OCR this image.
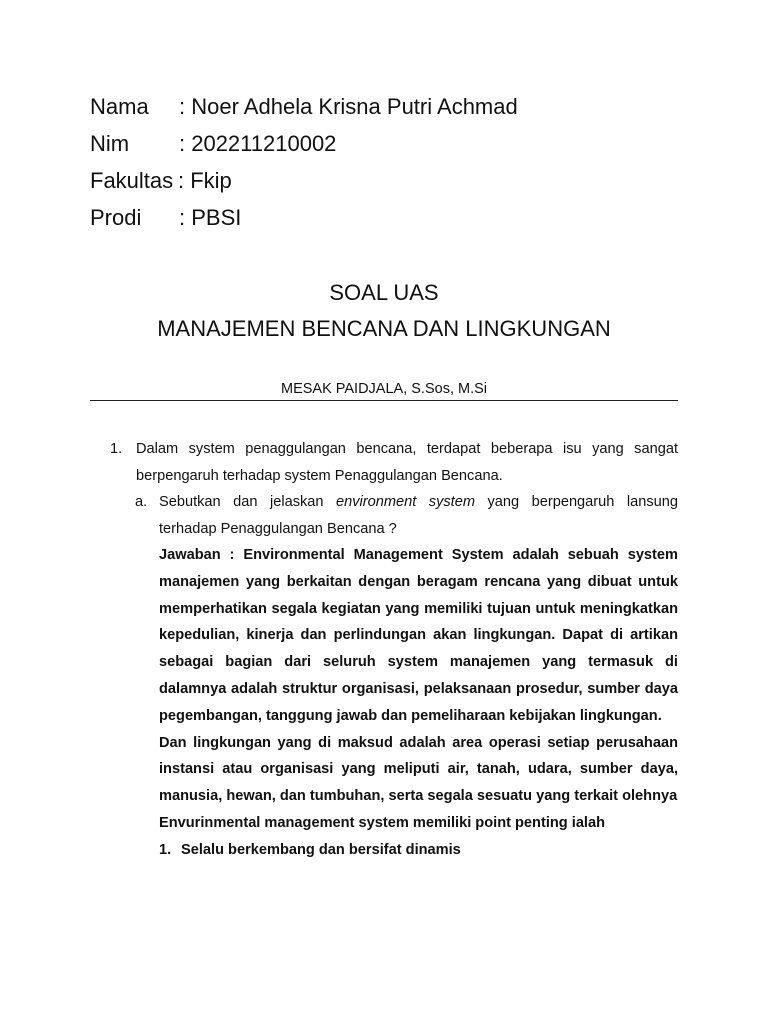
Nama : Noer Adhela Krisna Putri Achmad
Nim : 202211210002
Fakultas : Fkip
Prodi : PBSI
SOAL UAS
MANAJEMEN BENCANA DAN LINGKUNGAN
MESAK PAIDJALA, S.Sos, M.Si
1. Dalam system penaggulangan bencana, terdapat beberapa isu yang sangat berpengaruh terhadap system Penaggulangan Bencana.
a. Sebutkan dan jelaskan environment system yang berpengaruh lansung terhadap Penaggulangan Bencana ?

Jawaban : Environmental Management System adalah sebuah system manajemen yang berkaitan dengan beragam rencana yang dibuat untuk memperhatikan segala kegiatan yang memiliki tujuan untuk meningkatkan kepedulian, kinerja dan perlindungan akan lingkungan. Dapat di artikan sebagai bagian dari seluruh system manajemen yang termasuk di dalamnya adalah struktur organisasi, pelaksanaan prosedur, sumber daya pegembangan, tanggung jawab dan pemeliharaan kebijakan lingkungan.

Dan lingkungan yang di maksud adalah area operasi setiap perusahaan instansi atau organisasi yang meliputi air, tanah, udara, sumber daya, manusia, hewan, dan tumbuhan, serta segala sesuatu yang terkait olehnya

Envurinmental management system memiliki point penting ialah

1. Selalu berkembang dan bersifat dinamis
